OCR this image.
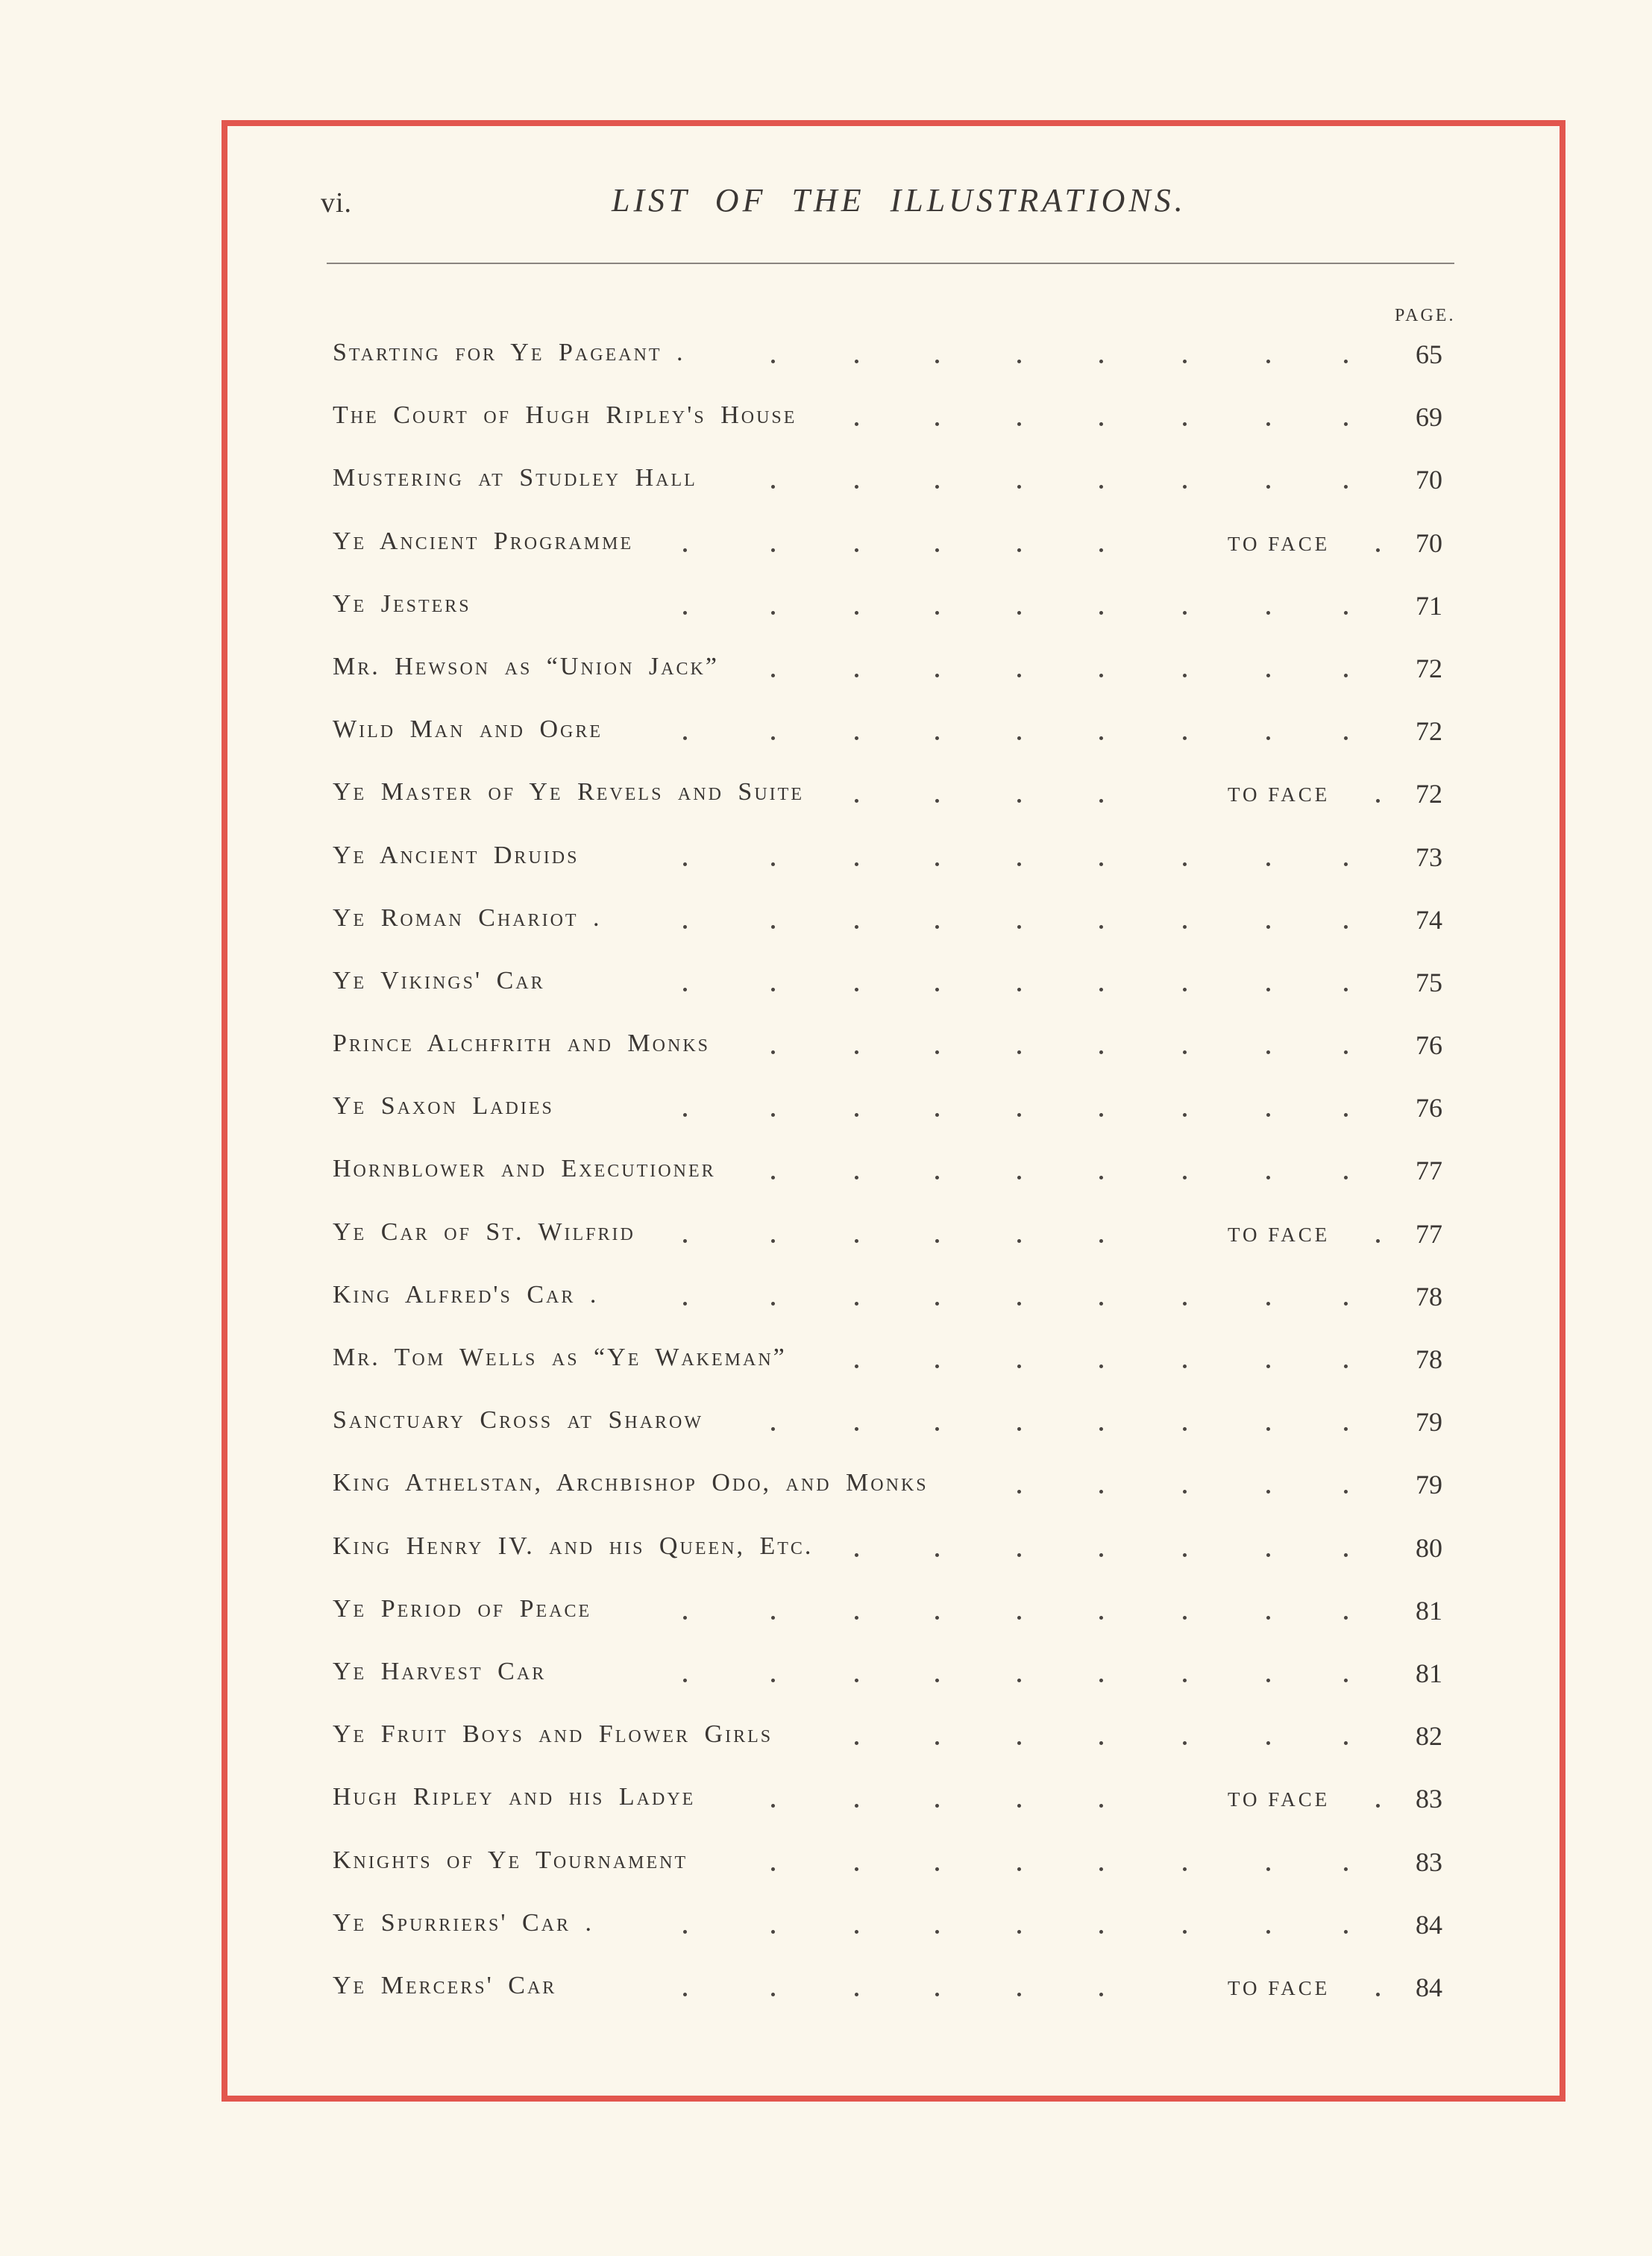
vi.	LIST OF THE ILLUSTRATIONS.
PAGE.
Starting for Ye Pageant .	65
The Court of Hugh Ripley's House	69
Mustering at Studley Hall	70
Ye Ancient Programme	TO FACE	70
Ye Jesters	71
Mr. Hewson as “Union Jack”	72
Wild Man and Ogre	72
Ye Master of Ye Revels and Suite	TO FACE	72
Ye Ancient Druids	73
Ye Roman Chariot .	74
Ye Vikings' Car	75
Prince Alchfrith and Monks	76
Ye Saxon Ladies	76
Hornblower and Executioner	77
Ye Car of St. Wilfrid	TO FACE	77
King Alfred's Car .	78
Mr. Tom Wells as “Ye Wakeman”	78
Sanctuary Cross at Sharow	79
King Athelstan, Archbishop Odo, and Monks	79
King Henry IV. and his Queen, Etc.	80
Ye Period of Peace	81
Ye Harvest Car	81
Ye Fruit Boys and Flower Girls	82
Hugh Ripley and his Ladye	TO FACE	83
Knights of Ye Tournament	83
Ye Spurriers' Car .	84
Ye Mercers' Car	TO FACE	84
